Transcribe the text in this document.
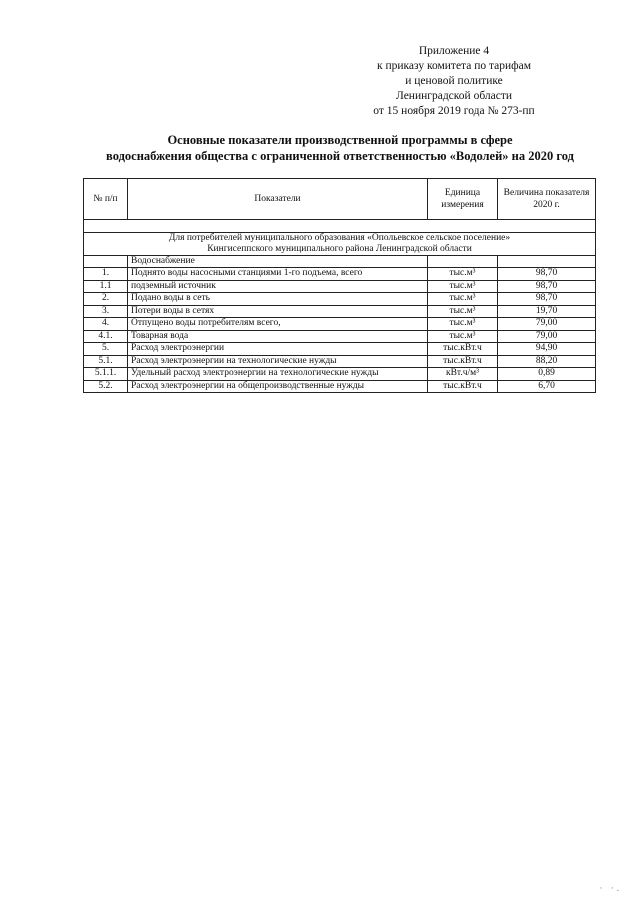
Приложение 4
к приказу комитета по тарифам
и ценовой политике
Ленинградской области
от 15 ноября 2019 года № 273-пп
Основные показатели производственной программы в сфере
водоснабжения общества с ограниченной ответственностью «Водолей» на 2020 год
№ п/п	Показатели	Единица измерения	Величина показателя 2020 г.

Для потребителей муниципального образования «Опольевское сельское поселение»
Кингисеппского муниципального района Ленинградской области			

	Водоснабжение		
1.	Поднято воды насосными станциями 1-го подъема, всего	тыс.м³	98,70
1.1	подземный источник	тыс.м³	98,70
2.	Подано воды в сеть	тыс.м³	98,70
3.	Потери воды в сетях	тыс.м³	19,70
4.	Отпущено воды потребителям всего,	тыс.м³	79,00
4.1.	Товарная вода	тыс.м³	79,00
5.	Расход электроэнергии	тыс.кВт.ч	94,90
5.1.	Расход электроэнергии на технологические нужды	тыс.кВт.ч	88,20
5.1.1.	Удельный расход электроэнергии на технологические нужды	кВт.ч/м³	0,89
5.2.	Расход электроэнергии на общепроизводственные нужды	тыс.кВт.ч	6,70
· ·.
